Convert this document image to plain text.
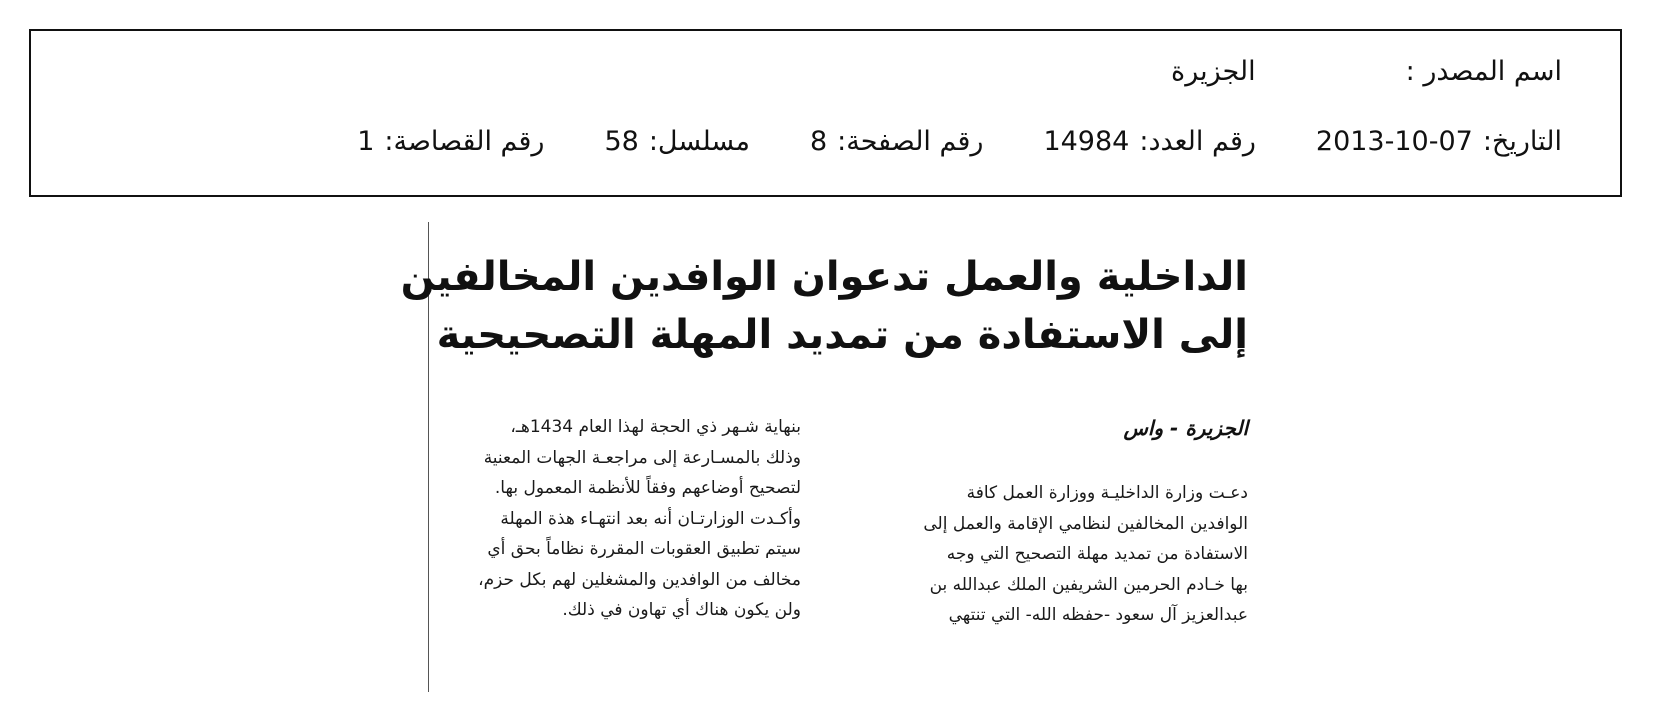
اسم المصدر :
الجزيرة
التاريخ:
2013-10-07
رقم العدد:
14984
رقم الصفحة:
8
مسلسل:
58
رقم القصاصة:
1
الداخلية والعمل تدعوان الوافدين المخالفين
إلى الاستفادة من تمديد المهلة التصحيحية
الجزيرة - واس
دعـت وزارة الداخليـة ووزارة العمل كافة
الوافدين المخالفين لنظامي الإقامة والعمل إلى
الاستفادة من تمديد مهلة التصحيح التي وجه
بها خـادم الحرمين الشريفين الملك عبدالله بن
عبدالعزيز آل سعود -حفظه الله- التي تنتهي
بنهاية شـهر ذي الحجة لهذا العام 1434هـ،
وذلك بالمسـارعة إلى مراجعـة الجهات المعنية
لتصحيح أوضاعهم وفقاً للأنظمة المعمول بها.
وأكـدت الوزارتـان أنه بعد انتهـاء هذة المهلة
سيتم تطبيق العقوبات المقررة نظاماً بحق أي
مخالف من الوافدين والمشغلين لهم بكل حزم،
ولن يكون هناك أي تهاون في ذلك.
